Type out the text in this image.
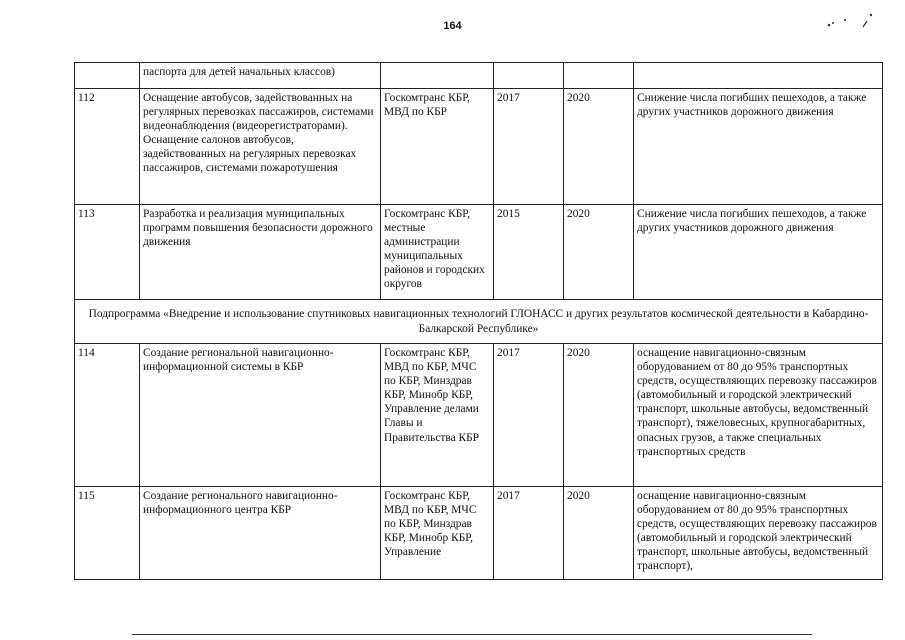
164
	паспорта для детей начальных классов)				
112	Оснащение автобусов, задействованных на регулярных перевозках пассажиров, системами видеонаблюдения (видеорегистраторами). Оснащение салонов автобусов, задействованных на регулярных перевозках пассажиров, системами пожаротушения	Госкомтранс КБР, МВД по КБР	2017	2020	Снижение числа погибших пешеходов, а также других участников дорожного движения
113	Разработка и реализация муниципальных программ повышения безопасности дорожного движения	Госкомтранс КБР, местные администрации муниципальных районов и городских округов	2015	2020	Снижение числа погибших пешеходов, а также других участников дорожного движения
Подпрограмма «Внедрение и использование спутниковых навигационных технологий ГЛОНАСС и других результатов космической деятельности в Кабардино-Балкарской Республике»					
114	Создание региональной навигационно-информационной системы в КБР	Госкомтранс КБР, МВД по КБР, МЧС по КБР, Минздрав КБР, Минобр КБР, Управление делами Главы и Правительства КБР	2017	2020	оснащение навигационно-связным оборудованием от 80 до 95% транспортных средств, осуществляющих перевозку пассажиров (автомобильный и городской электрический транспорт, школьные автобусы, ведомственный транспорт), тяжеловесных, крупногабаритных, опасных грузов, а также специальных транспортных средств
115	Создание регионального навигационно-информационного центра КБР	Госкомтранс КБР, МВД по КБР, МЧС по КБР, Минздрав КБР, Минобр КБР, Управление	2017	2020	оснащение навигационно-связным оборудованием от 80 до 95% транспортных средств, осуществляющих перевозку пассажиров (автомобильный и городской электрический транспорт, школьные автобусы, ведомственный транспорт),
